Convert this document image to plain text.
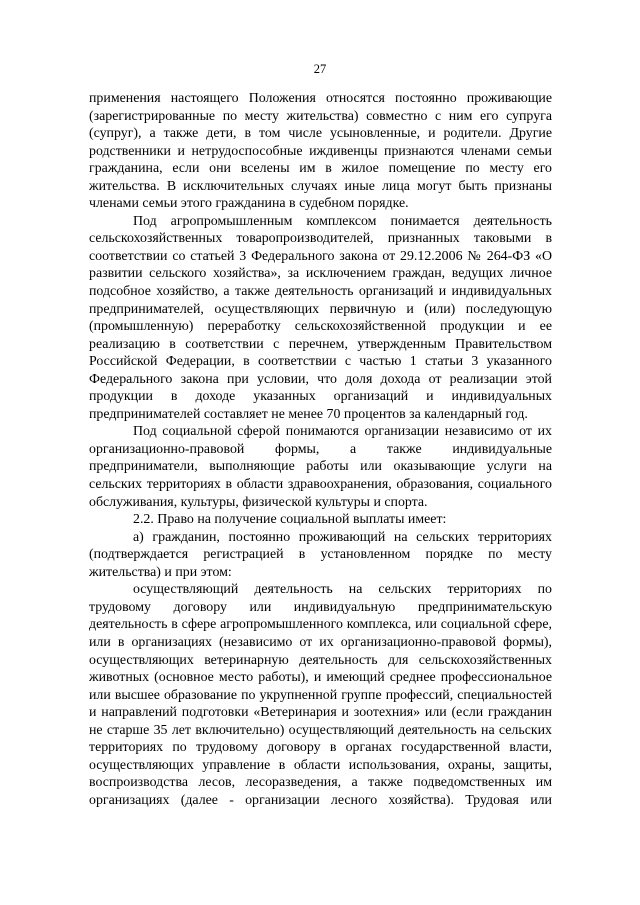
27

применения настоящего Положения относятся постоянно проживающие (зарегистрированные по месту жительства) совместно с ним его супруга (супруг), а также дети, в том числе усыновленные, и родители. Другие родственники и нетрудоспособные иждивенцы признаются членами семьи гражданина, если они вселены им в жилое помещение по месту его жительства. В исключительных случаях иные лица могут быть признаны членами семьи этого гражданина в судебном порядке.

Под агропромышленным комплексом понимается деятельность сельскохозяйственных товаропроизводителей, признанных таковыми в соответствии со статьей 3 Федерального закона от 29.12.2006 № 264-ФЗ «О развитии сельского хозяйства», за исключением граждан, ведущих личное подсобное хозяйство, а также деятельность организаций и индивидуальных предпринимателей, осуществляющих первичную и (или) последующую (промышленную) переработку сельскохозяйственной продукции и ее реализацию в соответствии с перечнем, утвержденным Правительством Российской Федерации, в соответствии с частью 1 статьи 3 указанного Федерального закона при условии, что доля дохода от реализации этой продукции в доходе указанных организаций и индивидуальных предпринимателей составляет не менее 70 процентов за календарный год.

Под социальной сферой понимаются организации независимо от их организационно-правовой формы, а также индивидуальные предприниматели, выполняющие работы или оказывающие услуги на сельских территориях в области здравоохранения, образования, социального обслуживания, культуры, физической культуры и спорта.

2.2. Право на получение социальной выплаты имеет:

а) гражданин, постоянно проживающий на сельских территориях (подтверждается регистрацией в установленном порядке по месту жительства) и при этом:

осуществляющий деятельность на сельских территориях по трудовому договору или индивидуальную предпринимательскую деятельность в сфере агропромышленного комплекса, или социальной сфере, или в организациях (независимо от их организационно-правовой формы), осуществляющих ветеринарную деятельность для сельскохозяйственных животных (основное место работы), и имеющий среднее профессиональное или высшее образование по укрупненной группе профессий, специальностей и направлений подготовки «Ветеринария и зоотехния» или (если гражданин не старше 35 лет включительно) осуществляющий деятельность на сельских территориях по трудовому договору в органах государственной власти, осуществляющих управление в области использования, охраны, защиты, воспроизводства лесов, лесоразведения, а также подведомственных им организациях (далее - организации лесного хозяйства). Трудовая или
